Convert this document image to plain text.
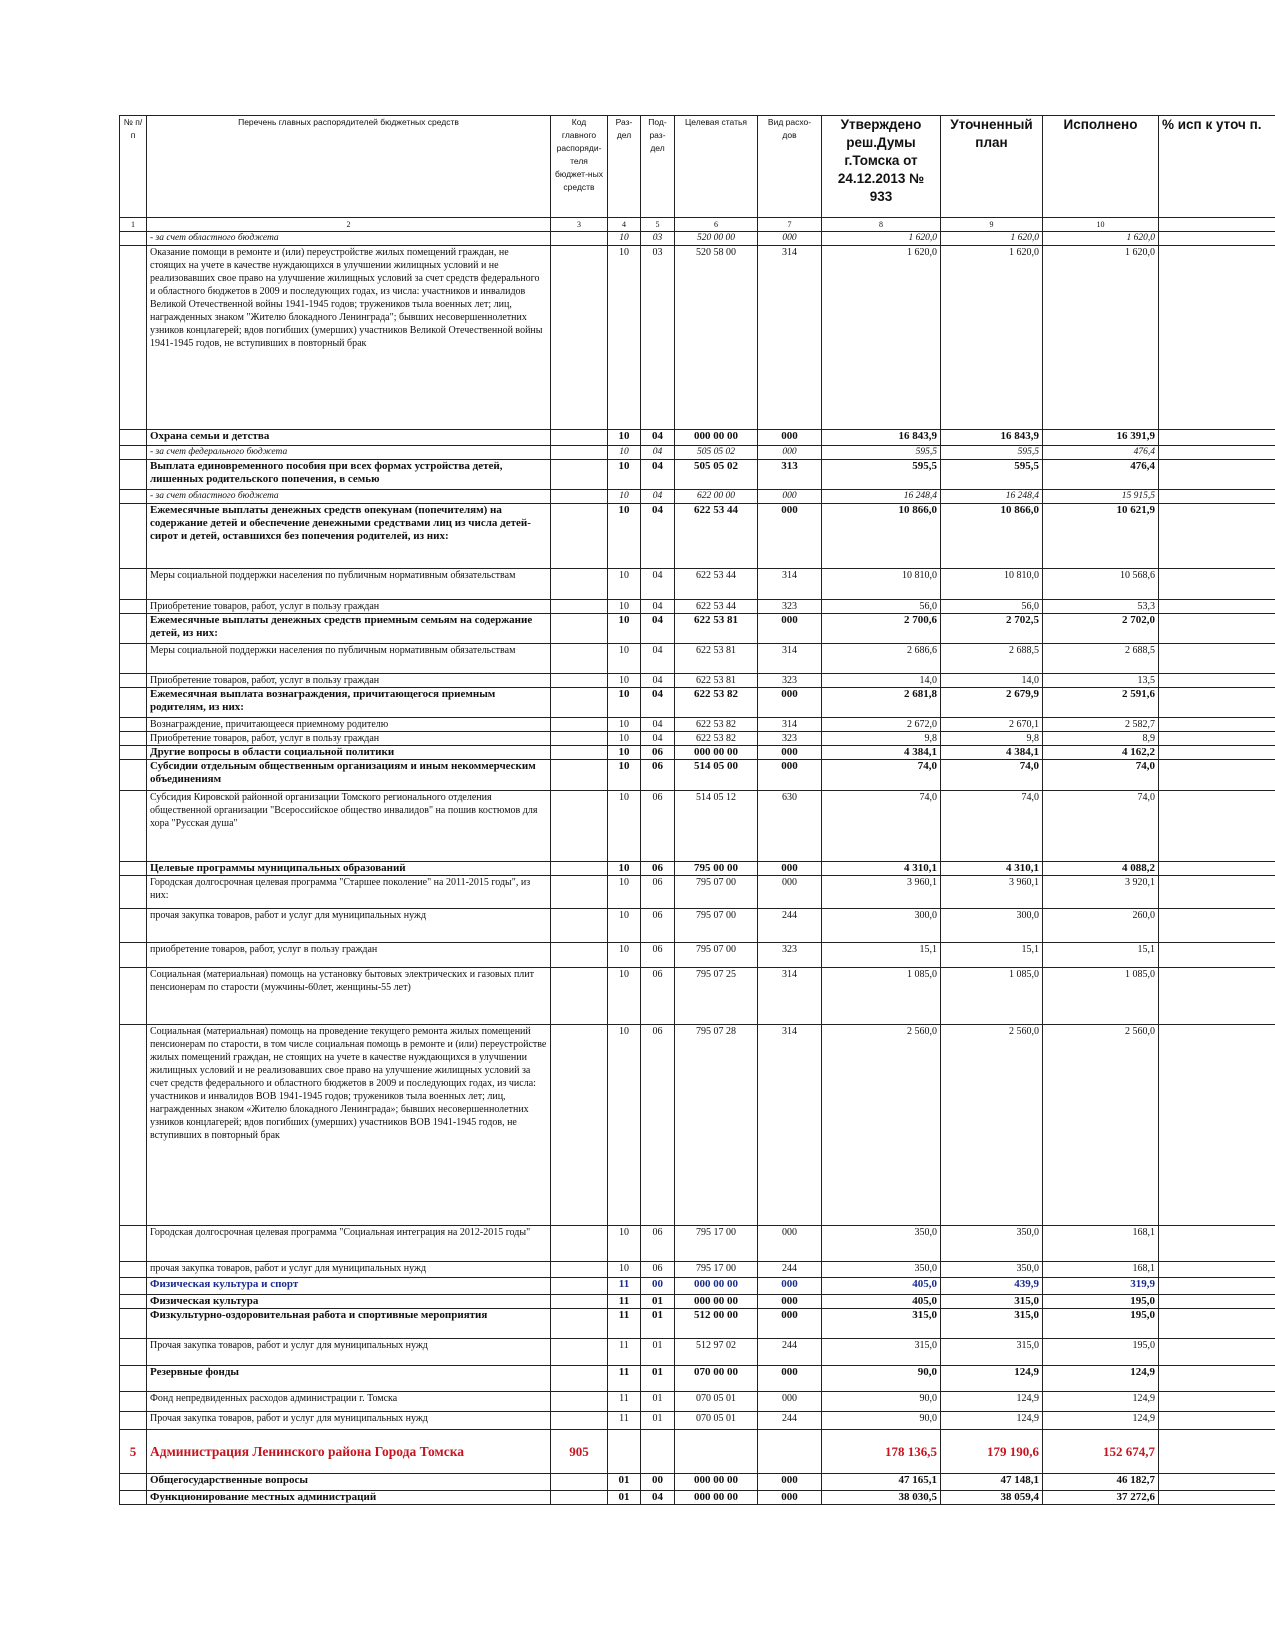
№ п/п	Перечень главных распорядителей бюджетных средств	Код главного распоряди-теля бюджет-ных средств	Раз-дел	Под-раз-дел	Целевая статья	Вид расхо-дов	Утверждено реш.Думы г.Томска от 24.12.2013 № 933	Уточненный план	Исполнено	% исп к уточ п.
1	2	3	4	5	6	7	8	9	10	
	- за счет областного бюджета		10	03	520 00 00	000	1 620,0	1 620,0	1 620,0	
	Оказание помощи в ремонте и (или) переустройстве жилых помещений граждан, не стоящих на учете в качестве нуждающихся в улучшении жилищных условий и не реализовавших свое право на улучшение жилищных условий за счет средств федерального и областного бюджетов в 2009 и последующих годах, из числа: участников и инвалидов Великой Отечественной войны 1941-1945 годов; тружеников тыла военных лет; лиц, награжденных знаком "Жителю блокадного Ленинграда"; бывших несовершеннолетних узников концлагерей; вдов погибших (умерших) участников Великой Отечественной войны 1941-1945 годов, не вступивших в повторный брак		10	03	520 58 00	314	1 620,0	1 620,0	1 620,0	
	Охрана семьи и детства		10	04	000 00 00	000	16 843,9	16 843,9	16 391,9	
	- за счет федерального бюджета		10	04	505 05 02	000	595,5	595,5	476,4	
	Выплата единовременного пособия при всех формах устройства детей, лишенных родительского попечения, в семью		10	04	505 05 02	313	595,5	595,5	476,4	
	- за счет областного бюджета		10	04	622 00 00	000	16 248,4	16 248,4	15 915,5	
	Ежемесячные выплаты денежных средств опекунам (попечителям) на содержание детей и обеспечение денежными средствами лиц из числа детей-сирот и детей, оставшихся без попечения родителей, из них:		10	04	622 53 44	000	10 866,0	10 866,0	10 621,9	
	Меры социальной поддержки населения по публичным нормативным обязательствам		10	04	622 53 44	314	10 810,0	10 810,0	10 568,6	
	Приобретение товаров, работ, услуг в пользу граждан		10	04	622 53 44	323	56,0	56,0	53,3	
	Ежемесячные выплаты денежных средств приемным семьям на содержание детей, из них:		10	04	622 53 81	000	2 700,6	2 702,5	2 702,0	
	Меры социальной поддержки населения по публичным нормативным обязательствам		10	04	622 53 81	314	2 686,6	2 688,5	2 688,5	
	Приобретение товаров, работ, услуг в пользу граждан		10	04	622 53 81	323	14,0	14,0	13,5	
	Ежемесячная выплата вознаграждения, причитающегося приемным родителям, из них:		10	04	622 53 82	000	2 681,8	2 679,9	2 591,6	
	Вознаграждение, причитающееся приемному родителю		10	04	622 53 82	314	2 672,0	2 670,1	2 582,7	
	Приобретение товаров, работ, услуг в пользу граждан		10	04	622 53 82	323	9,8	9,8	8,9	
	Другие вопросы в области социальной политики		10	06	000 00 00	000	4 384,1	4 384,1	4 162,2	
	Субсидии отдельным общественным организациям и иным некоммерческим объединениям		10	06	514 05 00	000	74,0	74,0	74,0	
	Субсидия Кировской районной организации Томского регионального отделения общественной организации "Всероссийское общество инвалидов" на пошив костюмов для хора "Русская душа"		10	06	514 05 12	630	74,0	74,0	74,0	
	Целевые программы муниципальных образований		10	06	795 00 00	000	4 310,1	4 310,1	4 088,2	
	Городская долгосрочная целевая программа "Старшее поколение" на 2011-2015 годы", из них:		10	06	795 07 00	000	3 960,1	3 960,1	3 920,1	
	прочая закупка товаров, работ и услуг для муниципальных нужд		10	06	795 07 00	244	300,0	300,0	260,0	
	приобретение товаров, работ, услуг в пользу граждан		10	06	795 07 00	323	15,1	15,1	15,1	
	Социальная (материальная) помощь на установку бытовых электрических и газовых плит пенсионерам по старости (мужчины-60лет, женщины-55 лет)		10	06	795 07 25	314	1 085,0	1 085,0	1 085,0	
	Социальная (материальная) помощь на проведение текущего ремонта жилых помещений пенсионерам по старости, в том числе социальная помощь в ремонте и (или) переустройстве жилых помещений граждан, не стоящих на учете в качестве нуждающихся в улучшении жилищных условий и не реализовавших свое право на улучшение жилищных условий за счет средств федерального и областного бюджетов в 2009 и последующих годах, из числа: участников и инвалидов ВОВ 1941-1945 годов; тружеников тыла военных лет; лиц, награжденных знаком «Жителю блокадного Ленинграда»; бывших несовершеннолетних узников концлагерей; вдов погибших (умерших) участников ВОВ 1941-1945 годов, не вступивших в повторный брак		10	06	795 07 28	314	2 560,0	2 560,0	2 560,0	
	Городская долгосрочная целевая программа "Социальная интеграция на 2012-2015 годы"		10	06	795 17 00	000	350,0	350,0	168,1	
	прочая закупка товаров, работ и услуг для муниципальных нужд		10	06	795 17 00	244	350,0	350,0	168,1	
	Физическая культура и спорт		11	00	000 00 00	000	405,0	439,9	319,9	
	Физическая культура		11	01	000 00 00	000	405,0	315,0	195,0	
	Физкультурно-оздоровительная работа и спортивные мероприятия		11	01	512 00 00	000	315,0	315,0	195,0	
	Прочая закупка товаров, работ и услуг для муниципальных нужд		11	01	512 97 02	244	315,0	315,0	195,0	
	Резервные фонды		11	01	070 00 00	000	90,0	124,9	124,9	
	Фонд непредвиденных расходов администрации г. Томска		11	01	070 05 01	000	90,0	124,9	124,9	
	Прочая закупка товаров, работ и услуг для муниципальных нужд		11	01	070 05 01	244	90,0	124,9	124,9	
5	Администрация Ленинского района Города Томска	905					178 136,5	179 190,6	152 674,7	
	Общегосударственные вопросы		01	00	000 00 00	000	47 165,1	47 148,1	46 182,7	
	Функционирование местных администраций		01	04	000 00 00	000	38 030,5	38 059,4	37 272,6	
